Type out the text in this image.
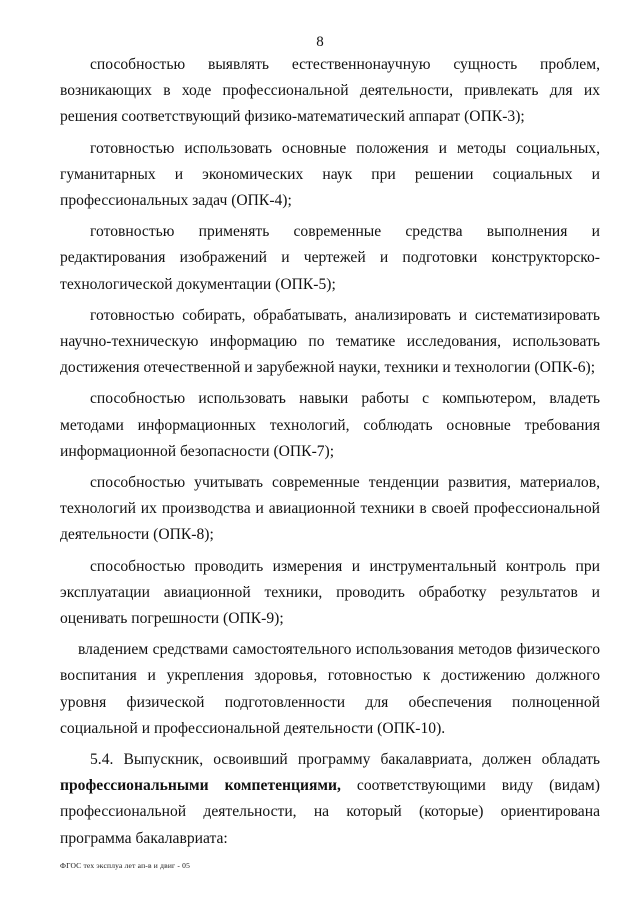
8

способностью выявлять естественнонаучную сущность проблем, возникающих в ходе профессиональной деятельности, привлекать для их решения соответствующий физико-математический аппарат (ОПК-3);

готовностью использовать основные положения и методы социальных, гуманитарных и экономических наук при решении социальных и профессиональных задач (ОПК-4);

готовностью применять современные средства выполнения и редактирования изображений и чертежей и подготовки конструкторско-технологической документации (ОПК-5);

готовностью собирать, обрабатывать, анализировать и систематизировать научно-техническую информацию по тематике исследования, использовать достижения отечественной и зарубежной науки, техники и технологии (ОПК-6);

способностью использовать навыки работы с компьютером, владеть методами информационных технологий, соблюдать основные требования информационной безопасности (ОПК-7);

способностью учитывать современные тенденции развития, материалов, технологий их производства и авиационной техники в своей профессиональной деятельности (ОПК-8);

способностью проводить измерения и инструментальный контроль при эксплуатации авиационной техники, проводить обработку результатов и оценивать погрешности (ОПК-9);

владением средствами самостоятельного использования методов физического воспитания и укрепления здоровья, готовностью к достижению должного уровня физической подготовленности для обеспечения полноценной социальной и профессиональной деятельности (ОПК-10).

5.4. Выпускник, освоивший программу бакалавриата, должен обладать профессиональными компетенциями, соответствующими виду (видам) профессиональной деятельности, на который (которые) ориентирована программа бакалавриата:

ФГОС тех эксплуа лет ап-в и двиг - 05
